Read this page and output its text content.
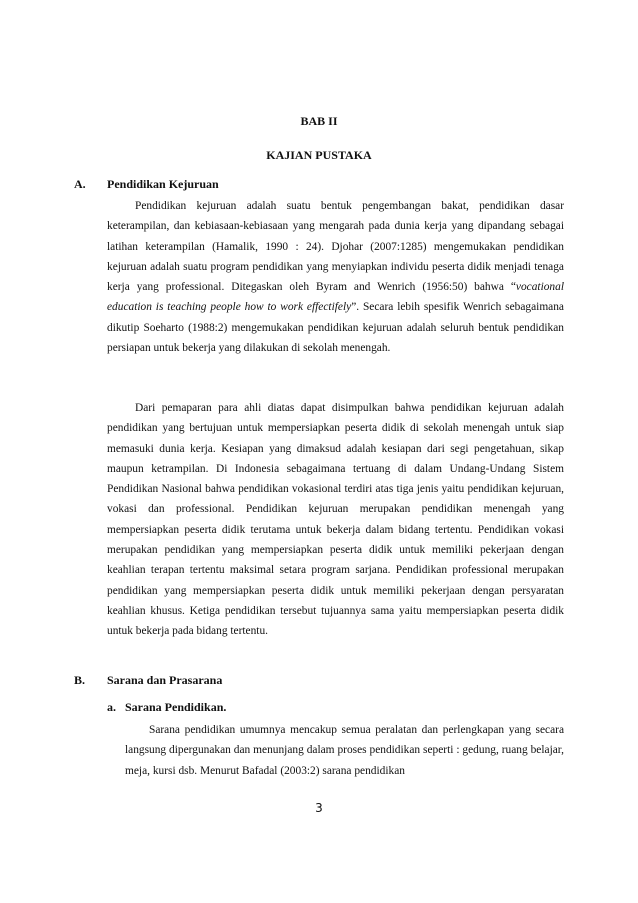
BAB II
KAJIAN PUSTAKA
A. Pendidikan Kejuruan

Pendidikan kejuruan adalah suatu bentuk pengembangan bakat, pendidikan dasar keterampilan, dan kebiasaan-kebiasaan yang mengarah pada dunia kerja yang dipandang sebagai latihan keterampilan (Hamalik, 1990 : 24). Djohar (2007:1285) mengemukakan pendidikan kejuruan adalah suatu program pendidikan yang menyiapkan individu peserta didik menjadi tenaga kerja yang professional. Ditegaskan oleh Byram and Wenrich (1956:50) bahwa “vocational education is teaching people how to work effectifely”. Secara lebih spesifik Wenrich sebagaimana dikutip Soeharto (1988:2) mengemukakan pendidikan kejuruan adalah seluruh bentuk pendidikan persiapan untuk bekerja yang dilakukan di sekolah menengah.

Dari pemaparan para ahli diatas dapat disimpulkan bahwa pendidikan kejuruan adalah pendidikan yang bertujuan untuk mempersiapkan peserta didik di sekolah menengah untuk siap memasuki dunia kerja. Kesiapan yang dimaksud adalah kesiapan dari segi pengetahuan, sikap maupun ketrampilan. Di Indonesia sebagaimana tertuang di dalam Undang-Undang Sistem Pendidikan Nasional bahwa pendidikan vokasional terdiri atas tiga jenis yaitu pendidikan kejuruan, vokasi dan professional. Pendidikan kejuruan merupakan pendidikan menengah yang mempersiapkan peserta didik terutama untuk bekerja dalam bidang tertentu. Pendidikan vokasi merupakan pendidikan yang mempersiapkan peserta didik untuk memiliki pekerjaan dengan keahlian terapan tertentu maksimal setara program sarjana. Pendidikan professional merupakan pendidikan yang mempersiapkan peserta didik untuk memiliki pekerjaan dengan persyaratan keahlian khusus. Ketiga pendidikan tersebut tujuannya sama yaitu mempersiapkan peserta didik untuk bekerja pada bidang tertentu.

B. Sarana dan Prasarana
a. Sarana Pendidikan.

Sarana pendidikan umumnya mencakup semua peralatan dan perlengkapan yang secara langsung dipergunakan dan menunjang dalam proses pendidikan seperti : gedung, ruang belajar, meja, kursi dsb. Menurut Bafadal (2003:2) sarana pendidikan

3
